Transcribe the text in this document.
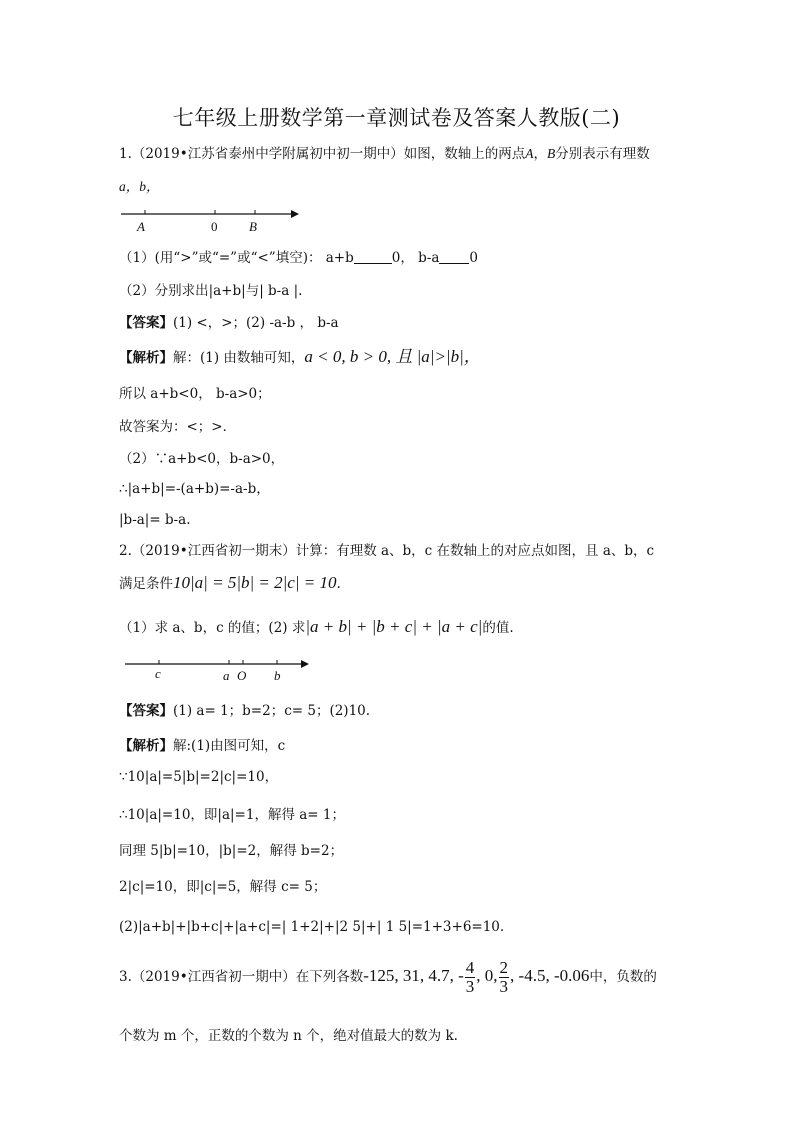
七年级上册数学第一章测试卷及答案人教版(二)
1.（2019•江苏省泰州中学附属初中初一期中）如图，数轴上的两点A，B分别表示有理数
a，b，
A	0 B
（1）(用“>”或“=”或“<”填空)： a+b	0， b-a 0
（2）分别求出|a+b|与| b-a |.
【答案】(1) <，>；(2) -a-b ， b-a
【解析】解：(1) 由数轴可知，a < 0, b > 0, 且 |a|>|b|，
所以 a+b<0， b-a>0；
故答案为：<；>．
（2）∵a+b<0，b-a>0，
∴|a+b|=-(a+b)=-a-b，
|b-a|= b-a.
2.（2019•江西省初一期末）计算：有理数 a、b，c 在数轴上的对应点如图，且 a、b，c
满足条件10|a| = 5|b| = 2|c| = 10.
（1）求 a、b，c 的值；(2) 求|a + b| + |b + c| + |a + c|的值.
c	a O b
【答案】(1) a= 1；b=2；c= 5；(2)10.
【解析】解:(1)由图可知，c
∵10|a|=5|b|=2|c|=10，
∴10|a|=10，即|a|=1，解得 a= 1；
同理 5|b|=10，|b|=2，解得 b=2；
2|c|=10，即|c|=5，解得 c= 5；
(2)|a+b|+|b+c|+|a+c|=| 1+2|+|2 5|+| 1 5|=1+3+6=10.
3.（2019•江西省初一期中）在下列各数-125, 31, 4.7, - $\frac{4}{3}$ , 0, $\frac{2}{3}$ , -4.5, -0.06中，负数的
个数为 m 个，正数的个数为 n 个，绝对值最大的数为 k.
